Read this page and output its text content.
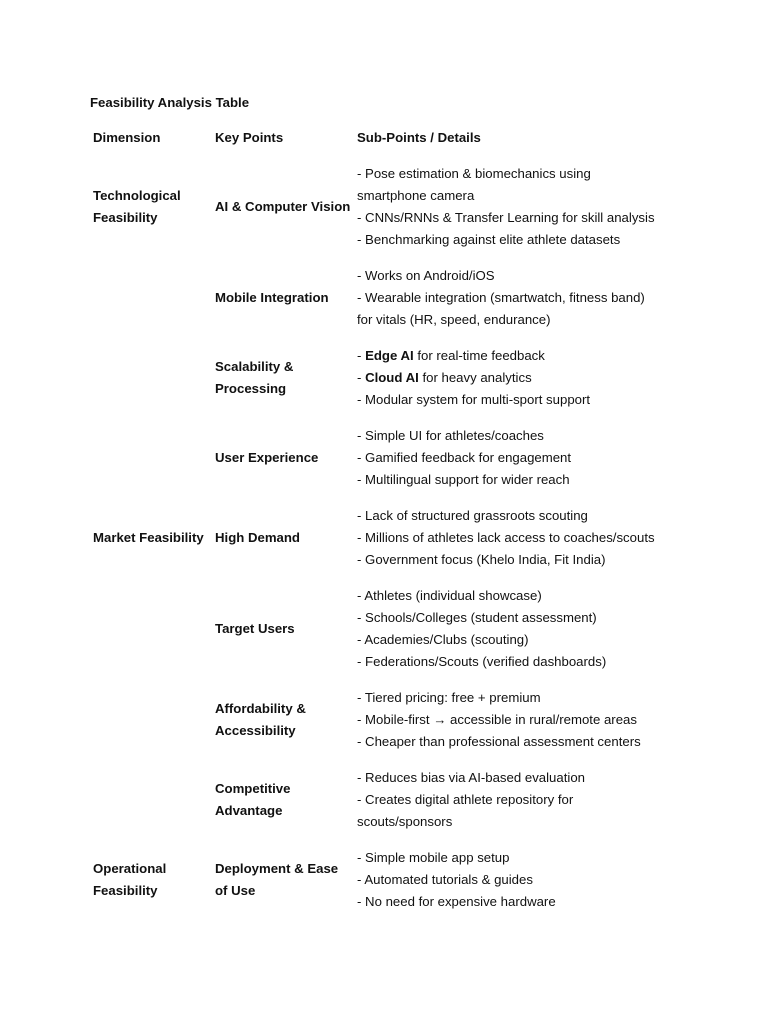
Feasibility Analysis Table
Dimension	Key Points	Sub-Points / Details
Technological Feasibility
AI & Computer Vision
- Pose estimation & biomechanics using
smartphone camera
- CNNs/RNNs & Transfer Learning for skill analysis
- Benchmarking against elite athlete datasets
Mobile Integration
- Works on Android/iOS
- Wearable integration (smartwatch, fitness band)
for vitals (HR, speed, endurance)
Scalability & Processing
- Edge AI for real-time feedback
- Cloud AI for heavy analytics
- Modular system for multi-sport support
User Experience
- Simple UI for athletes/coaches
- Gamified feedback for engagement
- Multilingual support for wider reach
Market Feasibility High Demand
- Lack of structured grassroots scouting
- Millions of athletes lack access to coaches/scouts
- Government focus (Khelo India, Fit India)
Target Users
- Athletes (individual showcase)
- Schools/Colleges (student assessment)
- Academies/Clubs (scouting)
- Federations/Scouts (verified dashboards)
Affordability & Accessibility
- Tiered pricing: free + premium
- Mobile-first → accessible in rural/remote areas
- Cheaper than professional assessment centers
Competitive Advantage
- Reduces bias via AI-based evaluation
- Creates digital athlete repository for
scouts/sponsors
Operational Feasibility
Deployment & Ease of Use
- Simple mobile app setup
- Automated tutorials & guides
- No need for expensive hardware
